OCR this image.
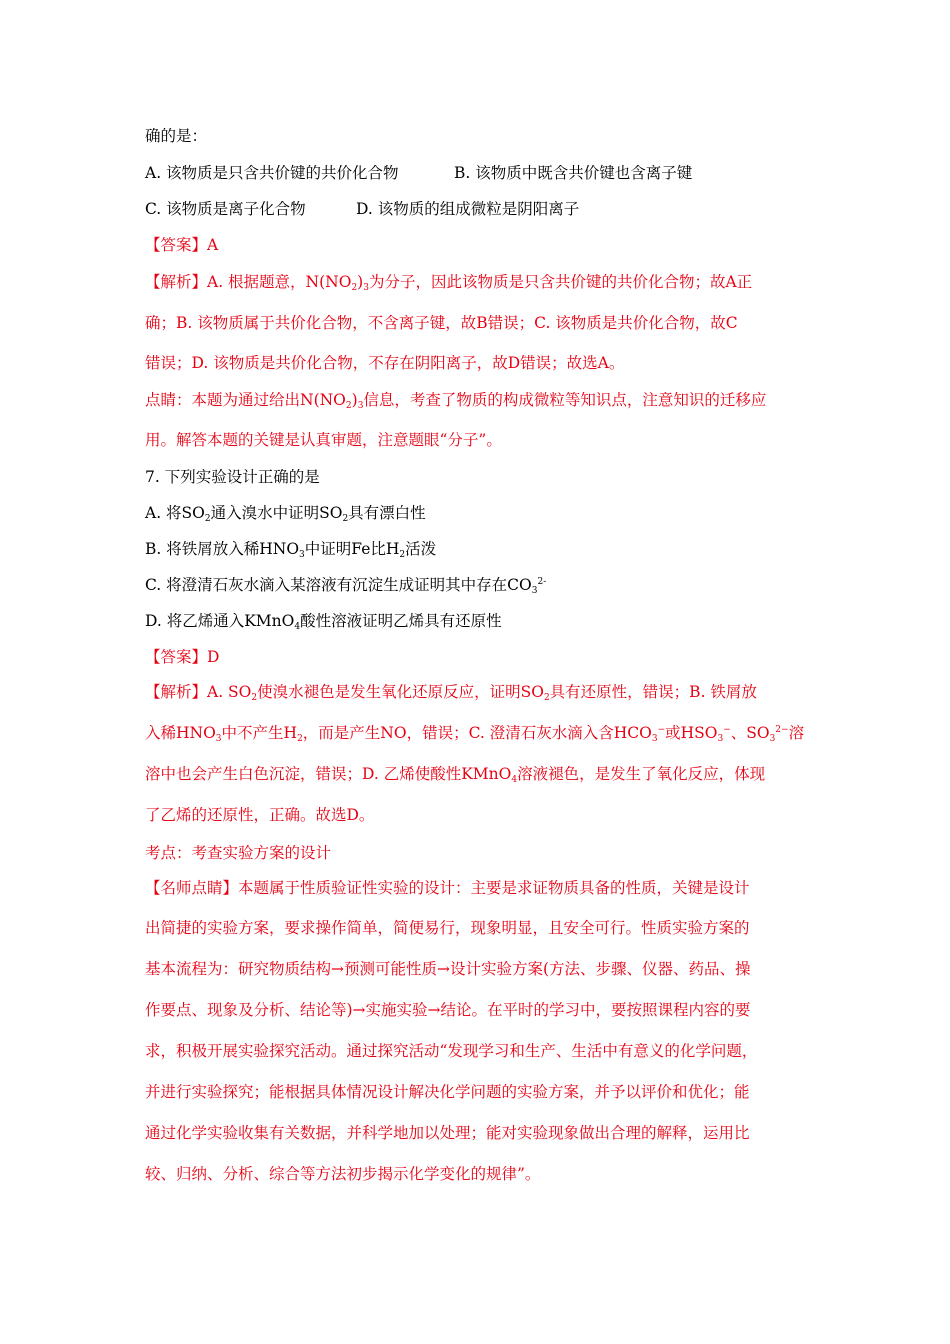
确的是：
A. 该物质是只含共价键的共价化合物	B. 该物质中既含共价键也含离子键
C. 该物质是离子化合物	D. 该物质的组成微粒是阴阳离子
【答案】A
【解析】A. 根据题意，$N(NO_2)_3$为分子，因此该物质是只含共价键的共价化合物；故A正
确；B. 该物质属于共价化合物，不含离子键，故B错误；C. 该物质是共价化合物，故C
错误；D. 该物质是共价化合物，不存在阴阳离子，故D错误；故选A。
点睛：本题为通过给出$N(NO_2)_3$信息，考查了物质的构成微粒等知识点，注意知识的迁移应
用。解答本题的关键是认真审题，注意题眼“分子”。
7. 下列实验设计正确的是
A. 将$SO_2$通入溴水中证明$SO_2$具有漂白性
B. 将铁屑放入稀$HNO_3$中证明Fe比$H_2$活泼
C. 将澄清石灰水滴入某溶液有沉淀生成证明其中存在$CO_3^{2-}$
D. 将乙烯通入KMnO$_4$酸性溶液证明乙烯具有还原性
【答案】D
【解析】A. $SO_2$使溴水褪色是发生氧化还原反应，证明$SO_2$具有还原性，错误；B. 铁屑放
入稀$HNO_3$中不产生$H_2$，而是产生NO，错误；C. 澄清石灰水滴入含$HCO_3^-$或$HSO_3^-$、$SO_3^{2-}$溶
溶中也会产生白色沉淀，错误；D. 乙烯使酸性KMnO$_4$溶液褪色，是发生了氧化反应，体现
了乙烯的还原性，正确。故选D。
考点：考查实验方案的设计
【名师点睛】本题属于性质验证性实验的设计：主要是求证物质具备的性质，关键是设计
出简捷的实验方案，要求操作简单，简便易行，现象明显，且安全可行。性质实验方案的
基本流程为：研究物质结构→预测可能性质→设计实验方案(方法、步骤、仪器、药品、操
作要点、现象及分析、结论等)→实施实验→结论。在平时的学习中，要按照课程内容的要
求，积极开展实验探究活动。通过探究活动“发现学习和生产、生活中有意义的化学问题，
并进行实验探究；能根据具体情况设计解决化学问题的实验方案，并予以评价和优化；能
通过化学实验收集有关数据，并科学地加以处理；能对实验现象做出合理的解释，运用比
较、归纳、分析、综合等方法初步揭示化学变化的规律”。
